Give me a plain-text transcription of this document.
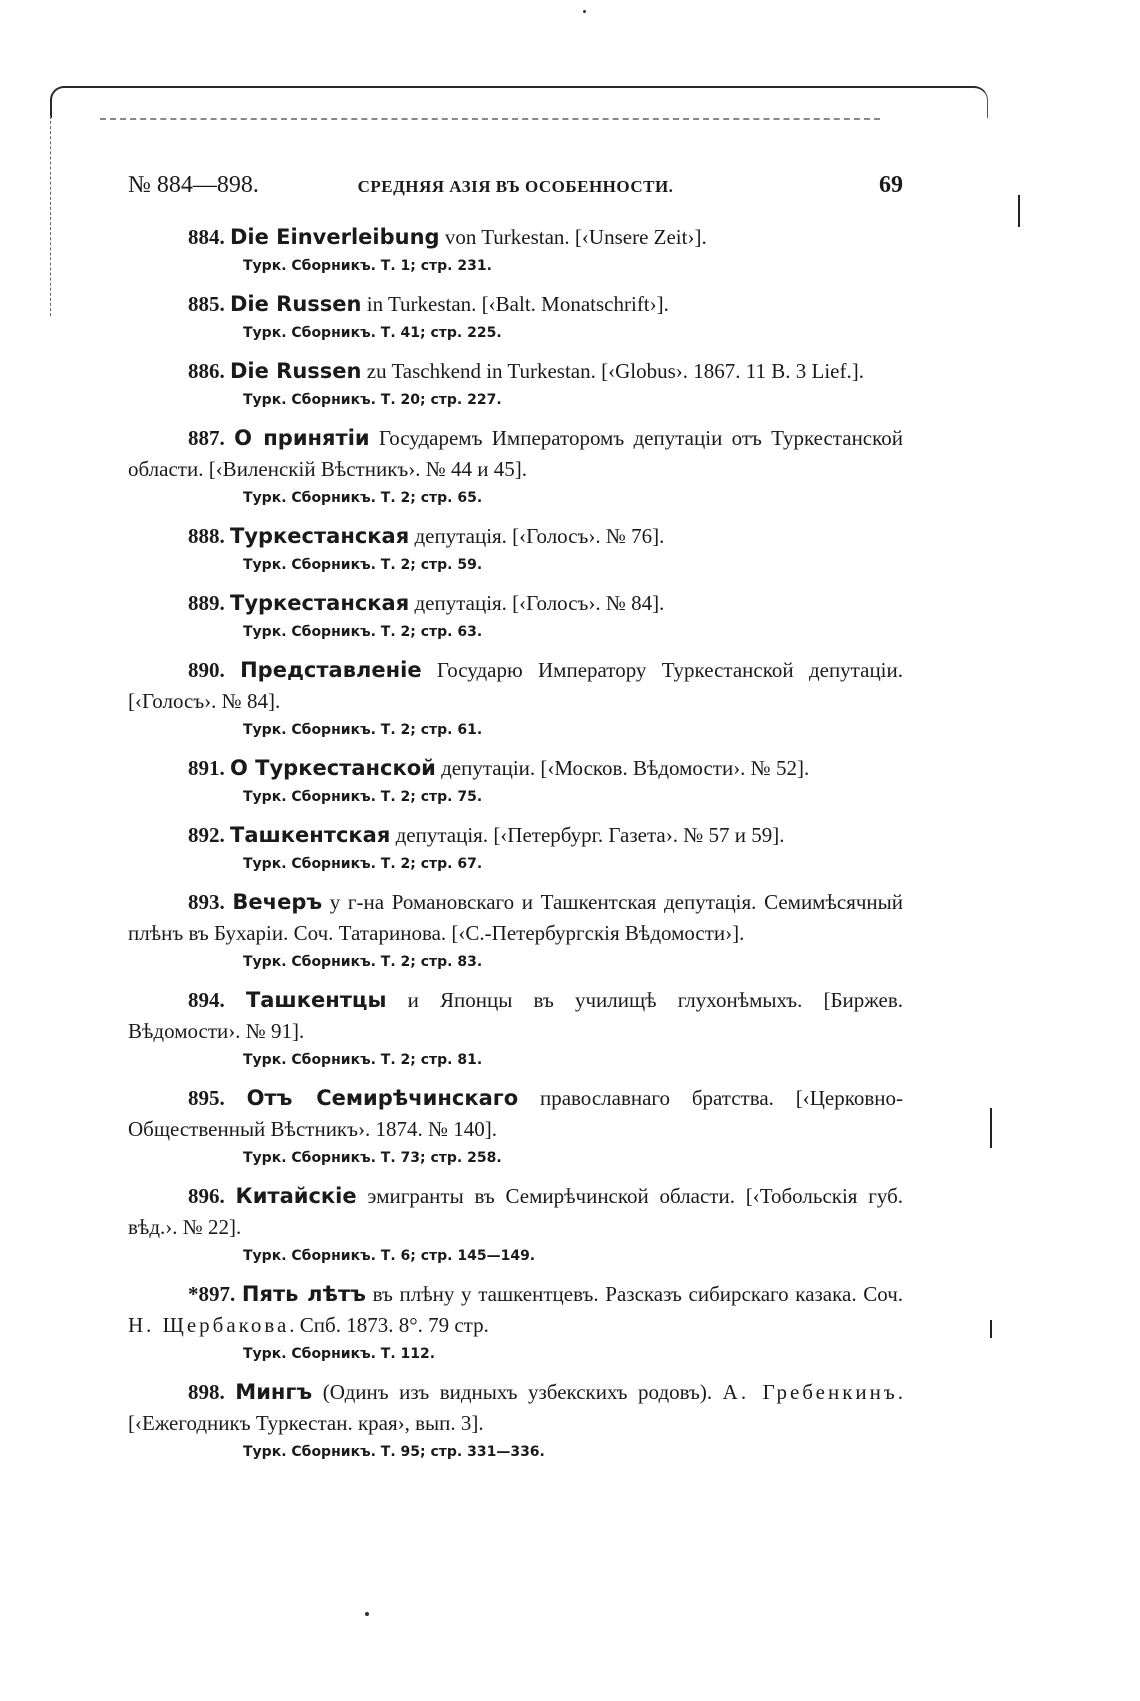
№ 884—898.	СРЕДНЯЯ АЗІЯ ВЪ ОСОБЕННОСТИ.	69

884. Die Einverleibung von Turkestan. [‹Unsere Zeit›].

Турк. Сборникъ. Т. 1; стр. 231.

885. Die Russen in Turkestan. [‹Balt. Monatschrift›].

Турк. Сборникъ. Т. 41; стр. 225.

886. Die Russen zu Taschkend in Turkestan. [‹Globus›. 1867. 11 B. 3 Lief.].

Турк. Сборникъ. Т. 20; стр. 227.

887. О принятіи Государемъ Императоромъ депутаціи отъ Туркестанской области. [‹Виленскій Вѣстникъ›. № 44 и 45].

Турк. Сборникъ. Т. 2; стр. 65.

888. Туркестанская депутація. [‹Голосъ›. № 76].

Турк. Сборникъ. Т. 2; стр. 59.

889. Туркестанская депутація. [‹Голосъ›. № 84].

Турк. Сборникъ. Т. 2; стр. 63.

890. Представленіе Государю Императору Туркестанской депутаціи. [‹Голосъ›. № 84].

Турк. Сборникъ. Т. 2; стр. 61.

891. О Туркестанской депутаціи. [‹Москов. Вѣдомости›. № 52].

Турк. Сборникъ. Т. 2; стр. 75.

892. Ташкентская депутація. [‹Петербург. Газета›. № 57 и 59].

Турк. Сборникъ. Т. 2; стр. 67.

893. Вечеръ у г-на Романовскаго и Ташкентская депутація. Семимѣсячный плѣнъ въ Бухаріи. Соч. Татаринова. [‹С.-Петербургскія Вѣдомости›].

Турк. Сборникъ. Т. 2; стр. 83.

894. Ташкентцы и Японцы въ училищѣ глухонѣмыхъ. [Биржев. Вѣдомости›. № 91].

Турк. Сборникъ. Т. 2; стр. 81.

895. Отъ Семирѣчинскаго православнаго братства. [‹Церковно-Общественный Вѣстникъ›. 1874. № 140].

Турк. Сборникъ. Т. 73; стр. 258.

896. Китайскіе эмигранты въ Семирѣчинской области. [‹Тобольскія губ. вѣд.›. № 22].

Турк. Сборникъ. Т. 6; стр. 145—149.

*897. Пять лѣтъ въ плѣну у ташкентцевъ. Разсказъ сибирскаго казака. Соч. Н. Щербакова. Спб. 1873. 8°. 79 стр.

Турк. Сборникъ. Т. 112.

898. Мингъ (Одинъ изъ видныхъ узбекскихъ родовъ). А. Гребенкинъ. [‹Ежегодникъ Туркестан. края›, вып. 3].

Турк. Сборникъ. Т. 95; стр. 331—336.
